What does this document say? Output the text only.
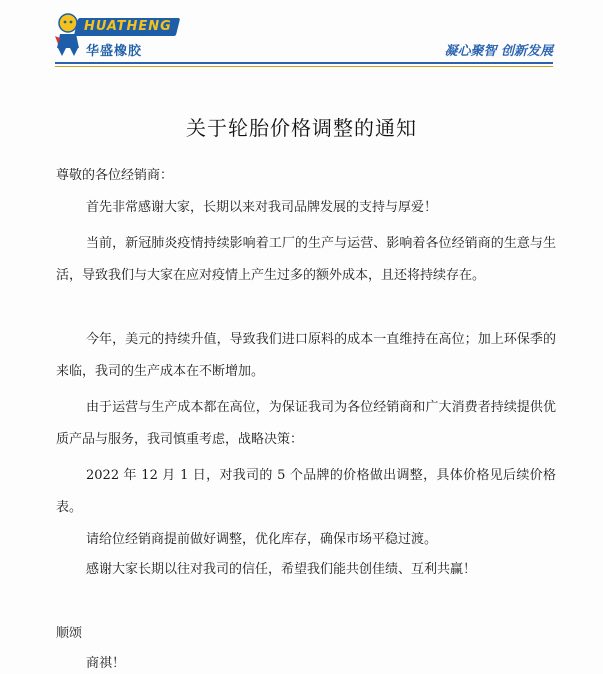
HUATHENG
华盛橡胶	凝心聚智 创新发展
关于轮胎价格调整的通知
尊敬的各位经销商：
首先非常感谢大家，长期以来对我司品牌发展的支持与厚爱！
当前，新冠肺炎疫情持续影响着工厂的生产与运营、影响着各位经销商的生意与生活，导致我们与大家在应对疫情上产生过多的额外成本，且还将持续存在。
今年，美元的持续升值，导致我们进口原料的成本一直维持在高位；加上环保季的来临，我司的生产成本在不断增加。
由于运营与生产成本都在高位，为保证我司为各位经销商和广大消费者持续提供优质产品与服务，我司慎重考虑，战略决策：
2022 年 12 月 1 日，对我司的 5 个品牌的价格做出调整，具体价格见后续价格表。
请给位经销商提前做好调整，优化库存，确保市场平稳过渡。
感谢大家长期以往对我司的信任，希望我们能共创佳绩、互利共赢！
顺颂
商祺！
